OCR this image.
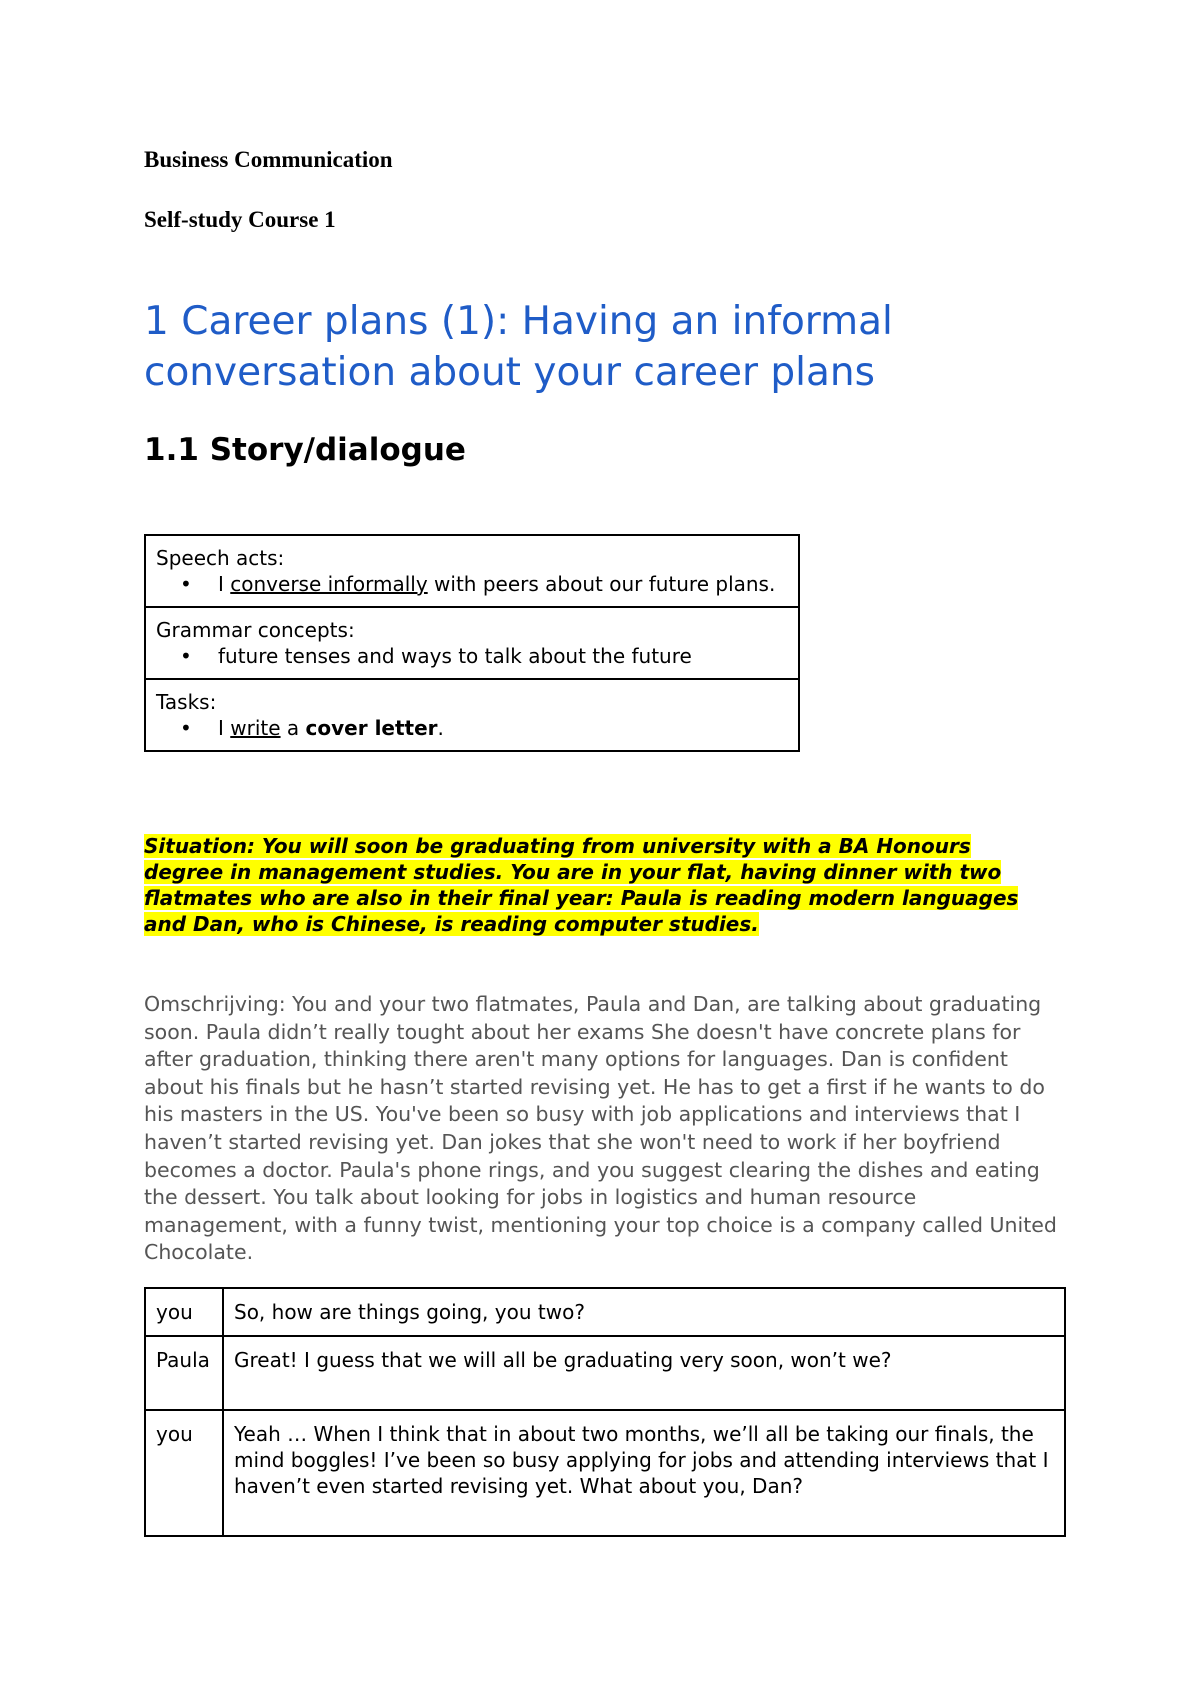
Business Communication
Self-study Course 1
1 Career plans (1): Having an informal conversation about your career plans
1.1 Story/dialogue
Speech acts:
• I converse informally with peers about our future plans.

Grammar concepts:
• future tenses and ways to talk about the future

Tasks:
• I write a cover letter.
Situation: You will soon be graduating from university with a BA Honours degree in management studies. You are in your flat, having dinner with two flatmates who are also in their final year: Paula is reading modern languages and Dan, who is Chinese, is reading computer studies.
Omschrijving: You and your two flatmates, Paula and Dan, are talking about graduating soon. Paula didn’t really tought about her exams She doesn't have concrete plans for after graduation, thinking there aren't many options for languages. Dan is confident about his finals but he hasn’t started revising yet. He has to get a first if he wants to do his masters in the US. You've been so busy with job applications and interviews that I haven’t started revising yet. Dan jokes that she won't need to work if her boyfriend becomes a doctor. Paula's phone rings, and you suggest clearing the dishes and eating the dessert. You talk about looking for jobs in logistics and human resource management, with a funny twist, mentioning your top choice is a company called United Chocolate.
you	So, how are things going, you two?
Paula	Great! I guess that we will all be graduating very soon, won’t we?
you	Yeah … When I think that in about two months, we’ll all be taking our finals, the mind boggles! I’ve been so busy applying for jobs and attending interviews that I haven’t even started revising yet. What about you, Dan?
